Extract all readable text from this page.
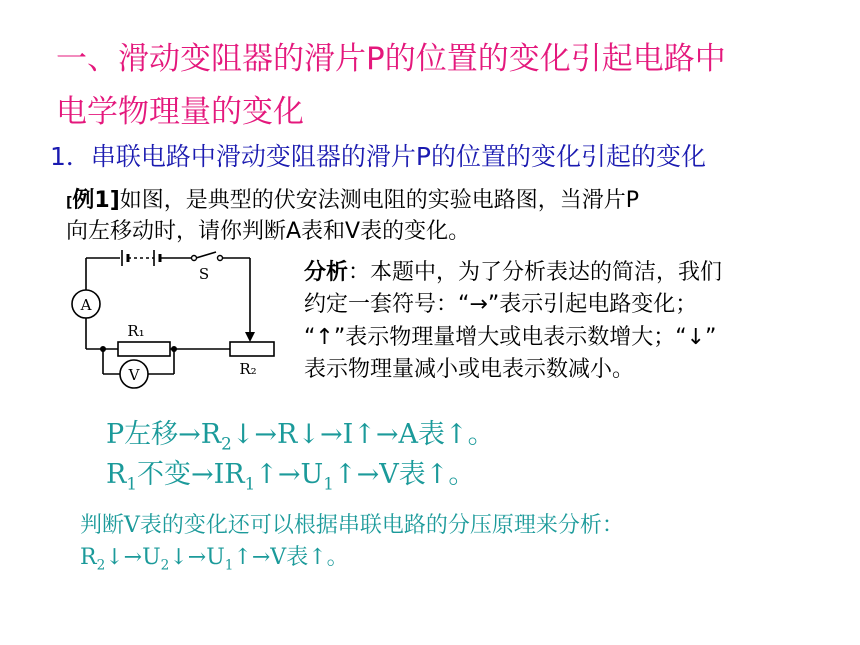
一、滑动变阻器的滑片P的位置的变化引起电路中
电学物理量的变化
1．串联电路中滑动变阻器的滑片P的位置的变化引起的变化
[例1]如图，是典型的伏安法测电阻的实验电路图，当滑片P
向左移动时，请你判断A表和V表的变化。
A
V
S
R₁
R₂
分析：本题中，为了分析表达的简洁，我们
约定一套符号：“→”表示引起电路变化；
“↑”表示物理量增大或电表示数增大；“↓”
表示物理量减小或电表示数减小。
P左移$\to R_2↓\to R↓\to I↑\to A$表↑。
$R_1$不变$\to IR_1↑\to U_1↑\to V$表↑。
判断V表的变化还可以根据串联电路的分压原理来分析：
$R_2↓\to U_2↓\to U_1↑\to V$表↑。
